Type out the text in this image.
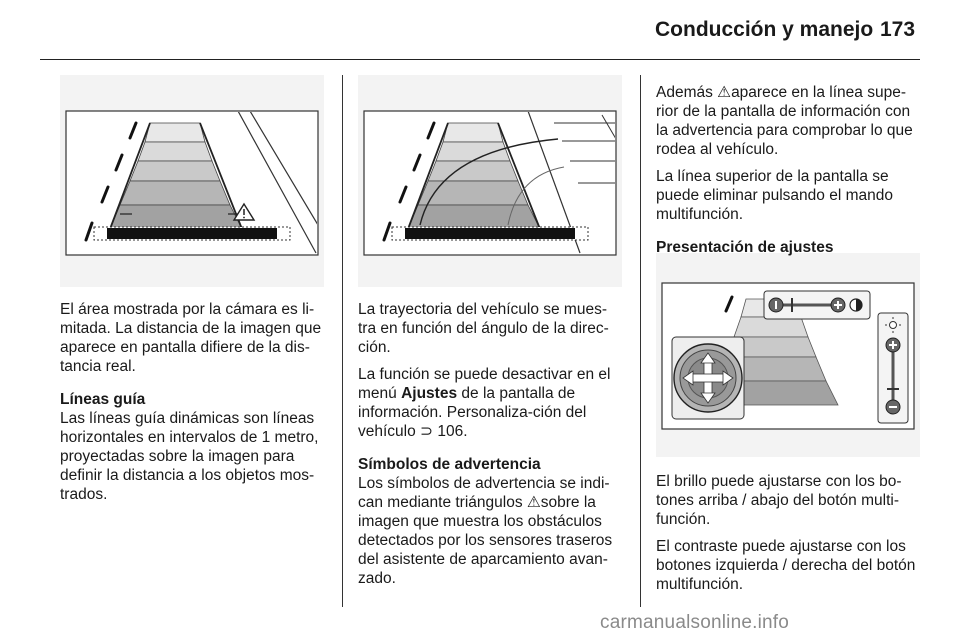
Conducción y manejo 173

El área mostrada por la cámara es li-mitada. La distancia de la imagen que aparece en pantalla difiere de la dis-tancia real.

Líneas guía

Las líneas guía dinámicas son líneas horizontales en intervalos de 1 metro, proyectadas sobre la imagen para definir la distancia a los objetos mos-trados.

La trayectoria del vehículo se mues-tra en función del ángulo de la direc-ción.

La función se puede desactivar en el menú Ajustes de la pantalla de información. Personaliza-ción del vehículo ⊃ 106.

Símbolos de advertencia

Los símbolos de advertencia se indi-can mediante triángulos ⚠sobre la imagen que muestra los obstáculos detectados por los sensores traseros del asistente de aparcamiento avan-zado.

Además ⚠aparece en la línea supe-rior de la pantalla de información con la advertencia para comprobar lo que rodea al vehículo.

La línea superior de la pantalla se puede eliminar pulsando el mando multifunción.

Presentación de ajustes

El brillo puede ajustarse con los bo-tones arriba / abajo del botón multi-función.

El contraste puede ajustarse con los botones izquierda / derecha del botón multifunción.

carmanualsonline.info
